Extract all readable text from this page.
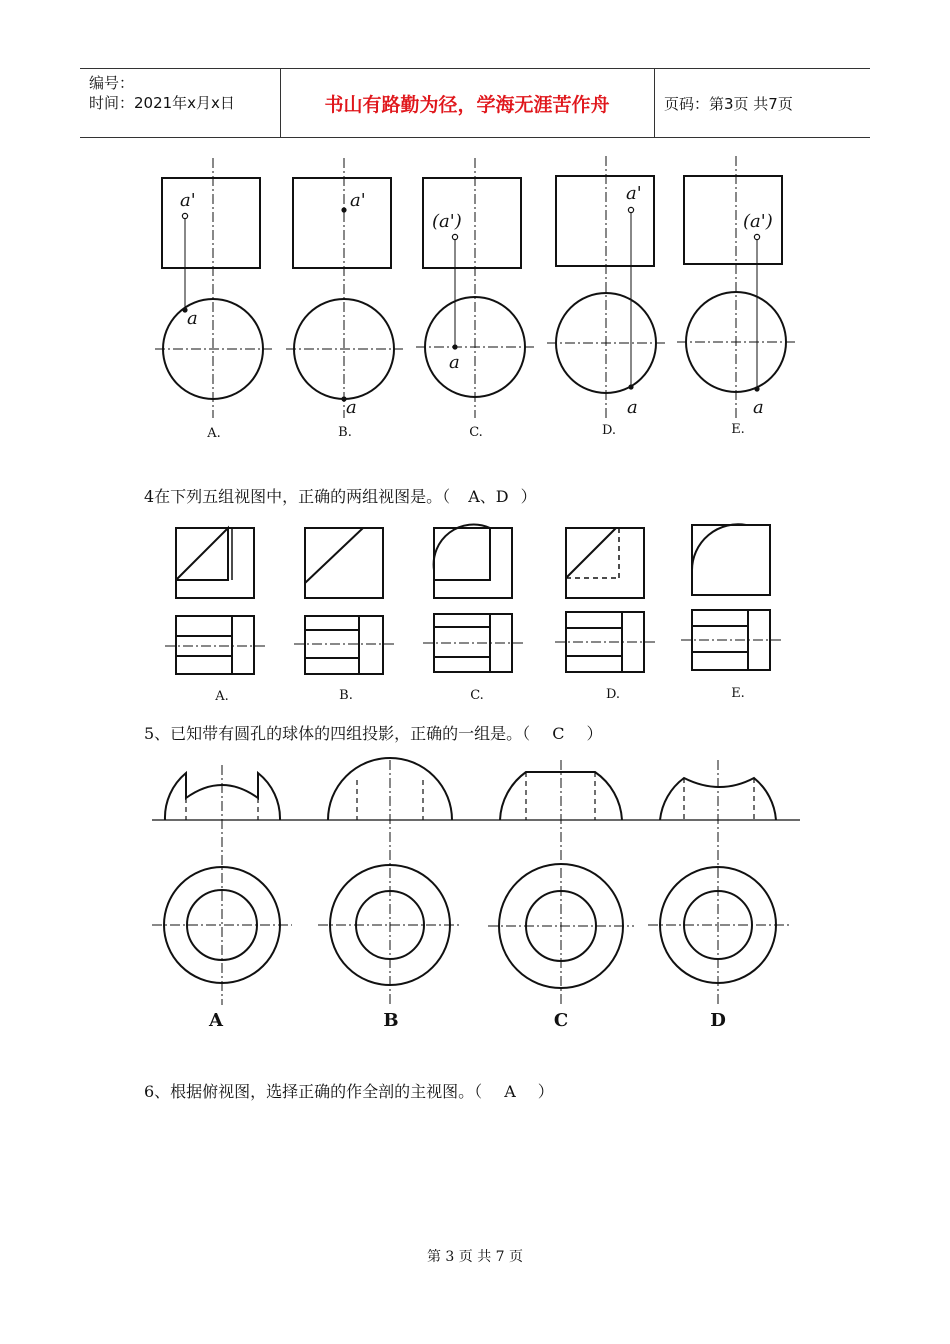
编号：
时间：2021年x月x日	书山有路勤为径，学海无涯苦作舟	页码：第3页 共7页
a'	a'
(a')
a'
(a')
a
a
a
a	a
A.	B.	C.	D.	E.
4在下列五组视图中，正确的两组视图是。（ A、D ）
A.	B.	C.	D.	E.
5、已知带有圆孔的球体的四组投影，正确的一组是。（ C ）
A	B	C	D
6、根据俯视图，选择正确的作全剖的主视图。（ A ）
第 3 页 共 7 页
